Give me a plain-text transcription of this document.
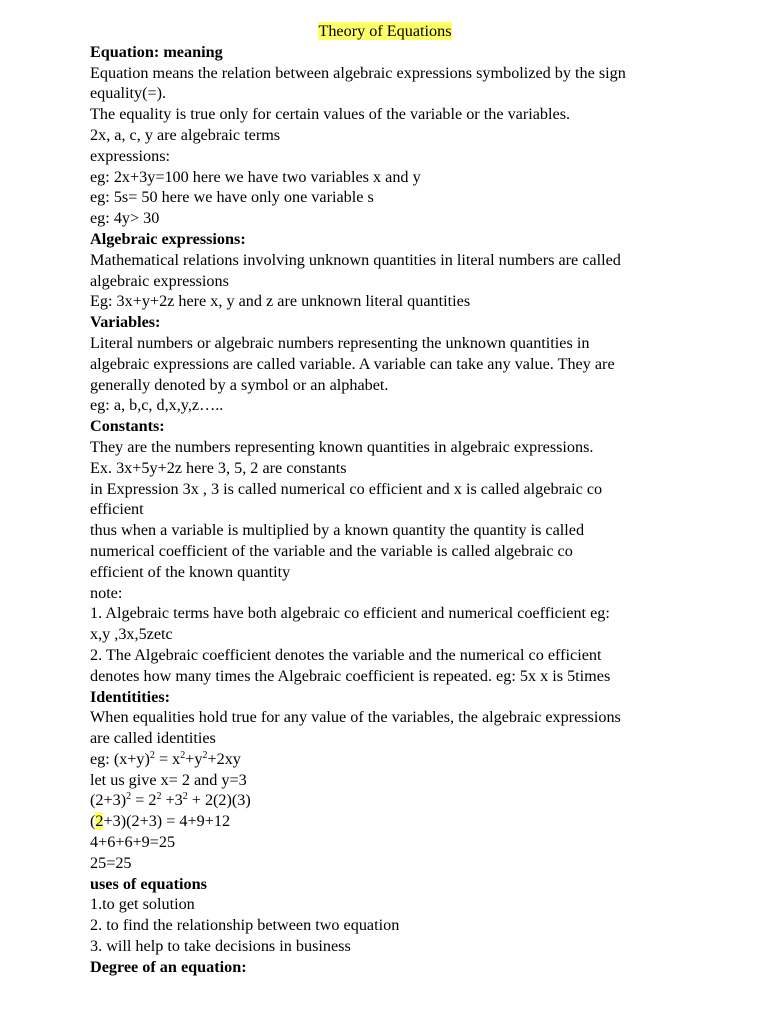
Theory of Equations

Equation: meaning

Equation means the relation between algebraic expressions symbolized by the sign

equality(=).

The equality is true only for certain values of the variable or the variables.

2x, a, c, y are algebraic terms

expressions:

eg: 2x+3y=100 here we have two variables x and y

eg: 5s= 50 here we have only one variable s

eg: 4y> 30

Algebraic expressions:

Mathematical relations involving unknown quantities in literal numbers are called

algebraic expressions

Eg: 3x+y+2z here x, y and z are unknown literal quantities

Variables:

Literal numbers or algebraic numbers representing the unknown quantities in

algebraic expressions are called variable. A variable can take any value. They are

generally denoted by a symbol or an alphabet.

eg: a, b,c, d,x,y,z…..

Constants:

They are the numbers representing known quantities in algebraic expressions.

Ex. 3x+5y+2z here 3, 5, 2 are constants

in Expression 3x , 3 is called numerical co efficient and x is called algebraic co

efficient

thus when a variable is multiplied by a known quantity the quantity is called

numerical coefficient of the variable and the variable is called algebraic co

efficient of the known quantity

note:

1. Algebraic terms have both algebraic co efficient and numerical coefficient eg:

x,y ,3x,5zetc

2. The Algebraic coefficient denotes the variable and the numerical co efficient

denotes how many times the Algebraic coefficient is repeated. eg: 5x x is 5times

Identitities:

When equalities hold true for any value of the variables, the algebraic expressions

are called identities

eg: $(x+y)^2 = x^2+y^2+2xy$

let us give x= 2 and y=3

$(2+3)^2 = 2^2 +3^2 + 2(2)(3)$

(2+3)(2+3) = 4+9+12

4+6+6+9=25

25=25

uses of equations

1.to get solution

2. to find the relationship between two equation

3. will help to take decisions in business

Degree of an equation:
